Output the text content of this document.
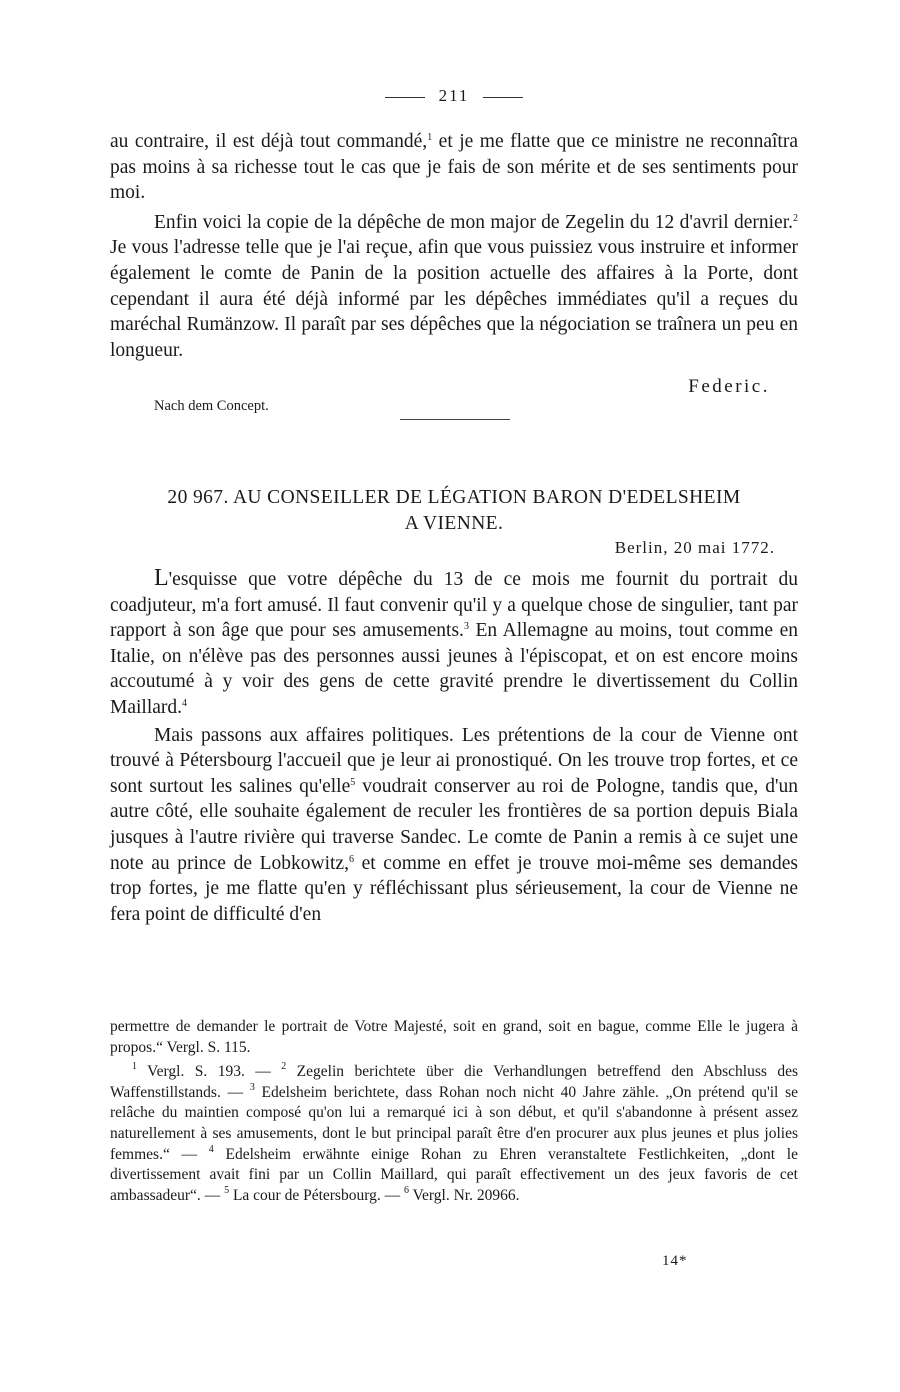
211

au contraire, il est déjà tout commandé,$^1$ et je me flatte que ce ministre ne reconnaîtra pas moins à sa richesse tout le cas que je fais de son mérite et de ses sentiments pour moi.

Enfin voici la copie de la dépêche de mon major de Zegelin du 12 d'avril dernier.$^2$ Je vous l'adresse telle que je l'ai reçue, afin que vous puissiez vous instruire et informer également le comte de Panin de la position actuelle des affaires à la Porte, dont cependant il aura été déjà informé par les dépêches immédiates qu'il a reçues du maréchal Rumänzow. Il paraît par ses dépêches que la négociation se traînera un peu en longueur.

Federic.
Nach dem Concept.
20 967. AU CONSEILLER DE LÉGATION BARON D'EDELSHEIM
A VIENNE.
Berlin, 20 mai 1772.

L'esquisse que votre dépêche du 13 de ce mois me fournit du portrait du coadjuteur, m'a fort amusé. Il faut convenir qu'il y a quelque chose de singulier, tant par rapport à son âge que pour ses amusements.$^3$ En Allemagne au moins, tout comme en Italie, on n'élève pas des personnes aussi jeunes à l'épiscopat, et on est encore moins accoutumé à y voir des gens de cette gravité prendre le divertissement du Collin Maillard.$^4$

Mais passons aux affaires politiques. Les prétentions de la cour de Vienne ont trouvé à Pétersbourg l'accueil que je leur ai pronostiqué. On les trouve trop fortes, et ce sont surtout les salines qu'elle$^5$ voudrait conserver au roi de Pologne, tandis que, d'un autre côté, elle souhaite également de reculer les frontières de sa portion depuis Biala jusques à l'autre rivière qui traverse Sandec. Le comte de Panin a remis à ce sujet une note au prince de Lobkowitz,$^6$ et comme en effet je trouve moi-même ses demandes trop fortes, je me flatte qu'en y réfléchissant plus sérieusement, la cour de Vienne ne fera point de difficulté d'en

permettre de demander le portrait de Votre Majesté, soit en grand, soit en bague, comme Elle le jugera à propos.“ Vergl. S. 115.

$^1$ Vergl. S. 193. — $^2$ Zegelin berichtete über die Verhandlungen betreffend den Abschluss des Waffenstillstands. — $^3$ Edelsheim berichtete, dass Rohan noch nicht 40 Jahre zähle. „On prétend qu'il se relâche du maintien composé qu'on lui a remarqué ici à son début, et qu'il s'abandonne à présent assez naturellement à ses amusements, dont le but principal paraît être d'en procurer aux plus jeunes et plus jolies femmes.“ — $^4$ Edelsheim erwähnte einige Rohan zu Ehren veranstaltete Festlichkeiten, „dont le divertissement avait fini par un Collin Maillard, qui paraît effectivement un des jeux favoris de cet ambassadeur“. — $^5$ La cour de Pétersbourg. — $^6$ Vergl. Nr. 20966.

14*
